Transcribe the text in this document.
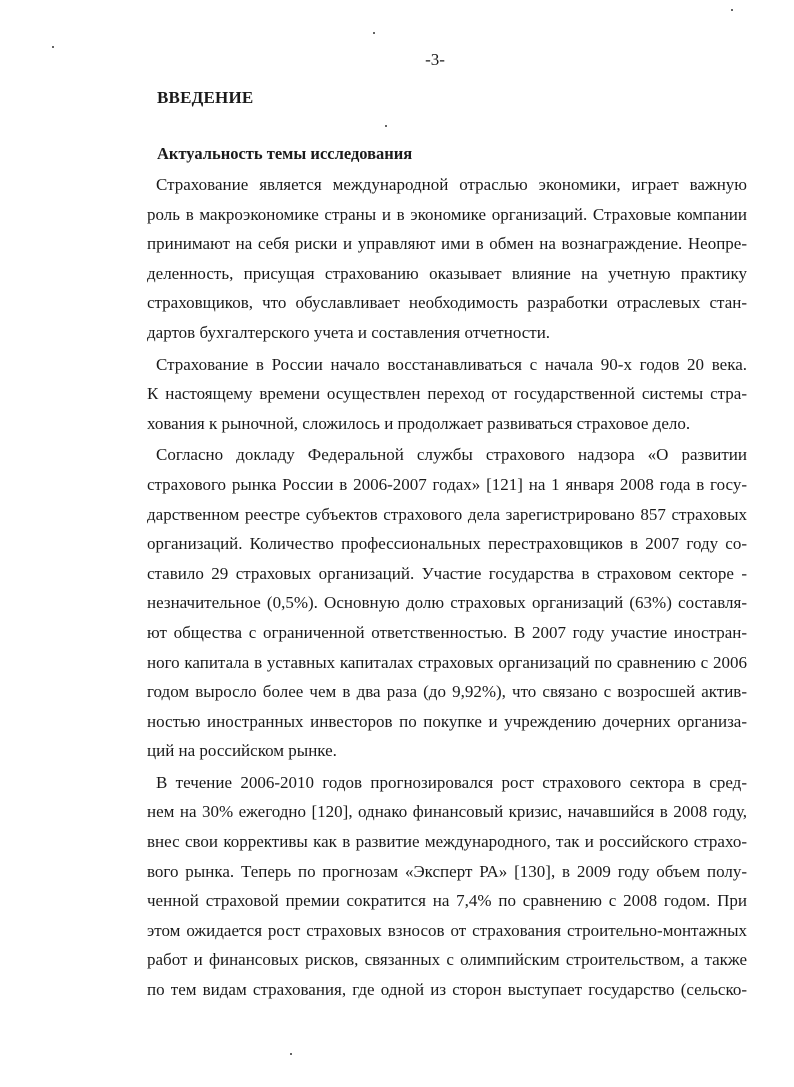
-3-
ВВЕДЕНИЕ
Актуальность темы исследования

Страхование является международной отраслью экономики, играет важную
роль в макроэкономике страны и в экономике организаций. Страховые компании
принимают на себя риски и управляют ими в обмен на вознаграждение. Неопре-
деленность, присущая страхованию оказывает влияние на учетную практику
страховщиков, что обуславливает необходимость разработки отраслевых стан-
дартов бухгалтерского учета и составления отчетности.

Страхование в России начало восстанавливаться с начала 90-х годов 20 века.
К настоящему времени осуществлен переход от государственной системы стра-
хования к рыночной, сложилось и продолжает развиваться страховое дело.

Согласно докладу Федеральной службы страхового надзора «О развитии
страхового рынка России в 2006-2007 годах» [121] на 1 января 2008 года в госу-
дарственном реестре субъектов страхового дела зарегистрировано 857 страховых
организаций. Количество профессиональных перестраховщиков в 2007 году со-
ставило 29 страховых организаций. Участие государства в страховом секторе -
незначительное (0,5%). Основную долю страховых организаций (63%) составля-
ют общества с ограниченной ответственностью. В 2007 году участие иностран-
ного капитала в уставных капиталах страховых организаций по сравнению с 2006
годом выросло более чем в два раза (до 9,92%), что связано с возросшей актив-
ностью иностранных инвесторов по покупке и учреждению дочерних организа-
ций на российском рынке.

В течение 2006-2010 годов прогнозировался рост страхового сектора в сред-
нем на 30% ежегодно [120], однако финансовый кризис, начавшийся в 2008 году,
внес свои коррективы как в развитие международного, так и российского страхо-
вого рынка. Теперь по прогнозам «Эксперт РА» [130], в 2009 году объем полу-
ченной страховой премии сократится на 7,4% по сравнению с 2008 годом. При
этом ожидается рост страховых взносов от страхования строительно-монтажных
работ и финансовых рисков, связанных с олимпийским строительством, а также
по тем видам страхования, где одной из сторон выступает государство (сельско-
